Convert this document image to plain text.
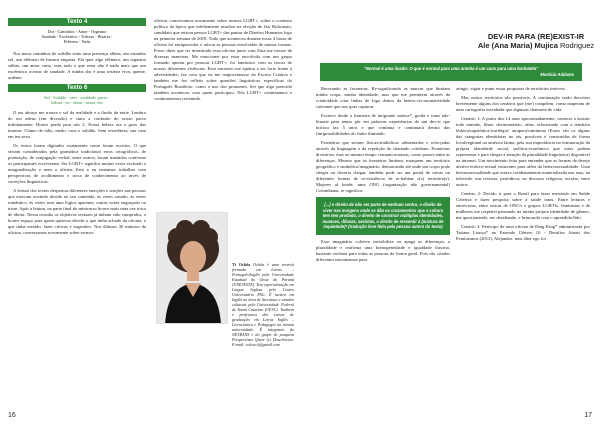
Texto 4

Dor - Caminhos - Amor - Orgasmo

Saudade - Excêntrico - Tristeza - Bizarra -

Efêmero - Nada

Nos meus caminhos de solidão sinto uma presença alheia, um estranho sol, um efêmero de bizarra empatia. Ela quer algo efêmero, um orgasmo súbito, um amor curto, mas tudo o que resta não é nada mais que um excêntrico oceano de saudade. A minha dor é uma tristeza viva, quente, ardente.

Texto 6

Sol - Solidão - caos - realidade -pacto -

beleza - eu - sêxus - nossa -teu

O teu abraço me trouxe o sol da realidade e a ilusão da noite. Lembro do teu adeus (em diversão) e sinto a confusão do nosso pacto infinitamente. Houve perda para nós 2. Nossa beleza era o gozo das tiranias. Clamo de ódio, medo, caos e solidão. Sem resistência, sua casa em teu sexo.

Os textos foram digitados exatamente como foram escritos. O que seriam considerados pela gramática tradicional erros ortográficos, de pontuação, de conjugação verbal, entre outros, foram mantidos conforme os participantes escreveram. Ser LGBT+ significa muitas vezes exclusão e marginalização e nem a oficina Zara e eu tentamos trabalhar com perspectivas de acolhimento e troca de conhecimento ao invés de correções linguísticas.

A leitura dos textos despertou diferentes emoções e reações nas pessoas que estavam ouvindo devido ao seu conteúdo, às vezes ousado, às vezes romântico, às vezes sem uma lógica aparente, outras vezes engraçado ou triste. Após a leitura, na parte final do minicurso houve mais uma vez troca de ideias. Nessa ocasião os objetivos textuais já tinham sido cumpridos, o houve espaço para quem quisesse dividir o que tinha achado da oficina, o que tinha sentido, fazer críticas e sugestões. Nos últimos 30 minutos da oficina, conversamos novamente sobre sermos

oficina, conversamos novamente sobre sermos LGBT+, sobre o contexto político da época que infelizmente resultou na eleição de Jair Bolsonaro, candidato que retirou pessoa LGBT+ das pautas de Direitos Humanos logo na primeira semana de 2019. Tudo que aconteceu durante essas 4 horas de oficina foi enriquecedor e ativou as pessoas envolvidas de muitas formas. Posso dizer que ter ministrado essa oficina junto com Zara me trouxe de diversas maneiras. Me emocionei por estar envolvida com um grupo formado apenas por pessoas LGBT+, foi fantástico com as trocas de nossas diferentes vivências. Esse encontro me ajudou a ser forte frente a adversidades, fez com que eu me reaproximasse da Escrita Criativa e também me fez refletir sobre questões linguísticas específicas do Português Brasileiro, como o uso dos pronomes. Sei que algo parecido também aconteceu com quem participou. Nós LGBT+ continuamos e continuaremos resistindo.

Tí Ochôa Ochôa é uma travesti formada em Letras – Português/Inglês pela Universidade Estadual do Oeste do Paraná (UNIOESTE). Tem especialização em Língua Inglesa pelo Centro Universitário FAG. É mestra em Inglês na área de literatura e estudos culturais pela Universidade Federal de Santa Catarina (UFSC). Também é professora dos cursos de graduação em Letras Inglês – Licenciatura e Pedagogia na mesma universidade. É integrante do NETRANS e do grupo de pesquisa Perspectivas Queer (c) Dosciências. E-mail: ochoa.ti@gmail.com
16
DEV-IR PARA (RE)EXIST-IR
Ale (Ana Maria) Mujica Rodriguez
"Normal é uma ilusão: O que é normal para uma aranha é um caos para uma borboleta"
Morticia Addams

Recreando as fronteiras. Re-significando as marcas que limitam minha corpa, minha identidade, mas que me permitem através da criatividade criar linhas de fuga dentro da hetero-cis-normatividade cativante que nos quer capturar.

Escrevo desde a fronteira de imigrante sudaca*, gorda e trans não-binarie para tentar pôr em palavras experiências de um dev-ir que iniciou faz 5 anos e que continua e continuará dentro das (im)possibilidades do finito ilimitado.

Fronteiras que seriam físicas/simbólicas alimentadas e reforçadas através da linguagem e da repetição do chamado cotidiano. Fronteiras divisórias, mas ao mesmo tempo comunicacionais, como pontes entre as diferenças. Mesmo que as fronteiras limitem, marquem um território geográfico e simbólico/imaginário, demarcando até onde um corpo pode chegar ou deveria chegar, também pode ser um portal de novas ou diferentes formas de re-existência de re-habitar o(s) território(s). Mujeres al borde, uma ONG (organização não governamental) Colombiana, re-significa:

[...] o direito de não ser parte de nenhum centro, o direito de viver nas margens onde se dão os cruzamentos que a cultura tem tem proibido, o direito de construir múltiplas identidades, nuances, difusas, sexistas, o direito de ressentir à (mistura de inquietude)* (tradução livre feita pela pessoa autora do texto)

Esse imaginário coletivo invisibiliza ou apaga as diferenças, a pluralidade e reafirma uma homogeneidade e igualdade ilusória, bastante violenta para todas as pessoas de forma geral. Pois são criados diferentes mecanismos para

atingir, vigiar e punir essas propostas de territórios imóveis.

Mas outros territórios são possíveis. A continuação serão descritos brevemente alguns dos cenários que (me) compõem, como mapeiam de uma cartografia inacabada que algumas chamaria de vida.

Cenário 1: A partir dos 14 anos aproximadamente, comecei a assistir todo sentado, filme, documentário, afins, relacionado com a temática lésbica/sapatônica/sortilégio/ atrapera/caminona (Esses são os alguns das categorias identitárias no rás, possíveis e construídas de forma local/regional na américa latina, pela sua importância na estruturação da própria identidade social, política-econômica que estas podem representar e para chegar à atenção da pluralidade linguística) disponível na internet. Um movimento feito para entender que as formas de desejo afetivo-erótico-sexual existentes para além da heterossexualidade. Uma heterossexualidade que estava cotidianamente materializada nas ruas, na televisão, nas revistas, periódicos, no discurso religioso, escolar, entre outros.

Cenário 2: Decido ir para o Brasil para fazer mestrado em Saúde Coletiva e fazer pesquisa sobre a saúde trans. Entre leituras e entrevistas, entre visitas de ONG's e grupos LGBTIs, feministas e de mulheres me respeitei pensando na minha própria identidade de gênero, me questionando, me desafiando, e brincando com o aprendido/lido.

Cenário 3: Participo de uma oficina de Drag King* administrada por Tatiana Lionço* no Fazendo Gênero 10 - Desafios Atuais dos Feminismos (2013). Alejandro, meu álter ego foi

17
